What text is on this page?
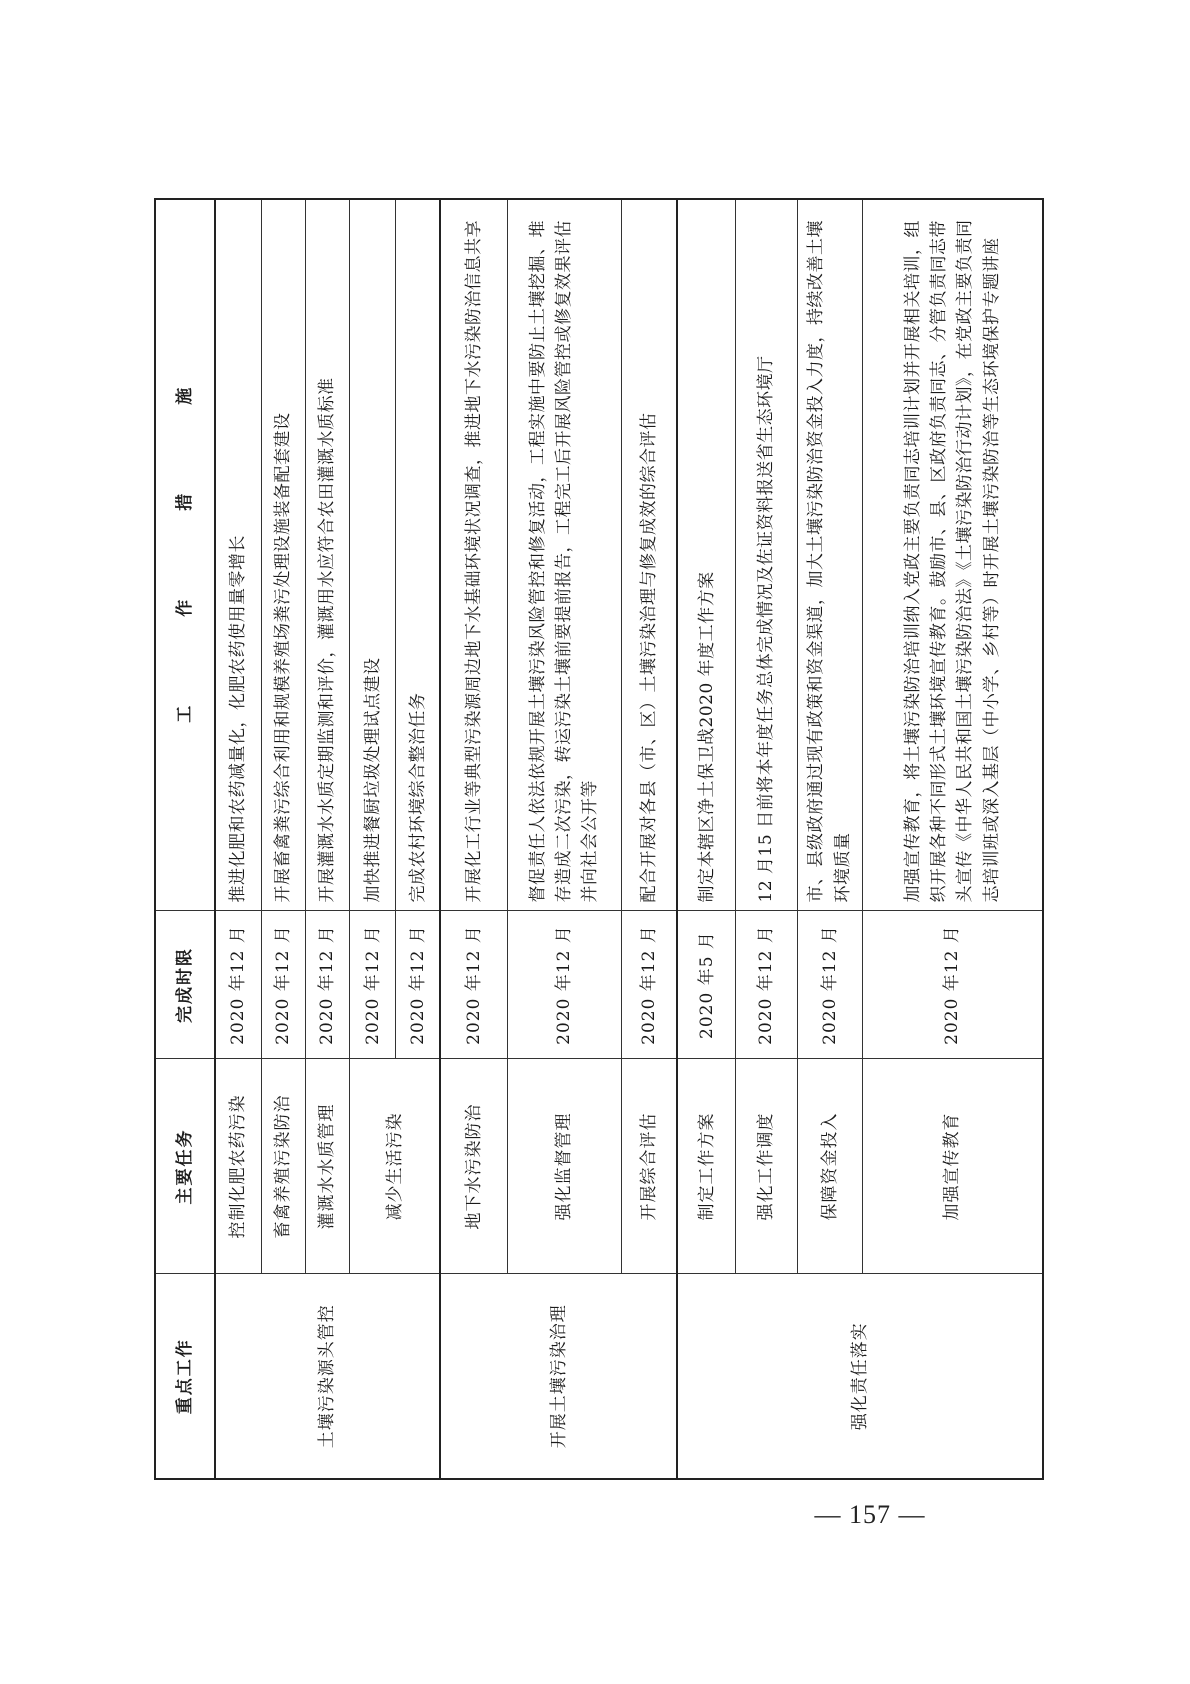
重点工作	主要任务	完成时限	工　作　措　施
土壤污染源头管控	控制化肥农药污染	2020 年12 月	推进化肥和农药减量化，化肥农药使用量零增长
	畜禽养殖污染防治	2020 年12 月	开展畜禽粪污综合利用和规模养殖场粪污处理设施装备配套建设
	灌溉水水质管理	2020 年12 月	开展灌溉水水质定期监测和评价，灌溉用水应符合农田灌溉水质标准
	减少生活污染	2020 年12 月	加快推进餐厨垃圾处理试点建设
		2020 年12 月	完成农村环境综合整治任务
开展土壤污染治理	地下水污染防治	2020 年12 月	开展化工行业等典型污染源周边地下水基础环境状况调查，推进地下水污染防治信息共享
	强化监督管理	2020 年12 月	督促责任人依法依规开展土壤污染风险管控和修复活动，工程实施中要防止土壤挖掘、堆存造成二次污染，转运污染土壤前要提前报告，工程完工后开展风险管控或修复效果评估并向社会公开等
	开展综合评估	2020 年12 月	配合开展对各县（市、区）土壤污染治理与修复成效的综合评估
强化责任落实	制定工作方案	2020 年5 月	制定本辖区净土保卫战2020 年度工作方案
	强化工作调度	2020 年12 月	12 月15 日前将本年度任务总体完成情况及佐证资料报送省生态环境厅
	保障资金投入	2020 年12 月	市、县级政府通过现有政策和资金渠道，加大土壤污染防治资金投入力度，持续改善土壤环境质量
	加强宣传教育	2020 年12 月	加强宣传教育，将土壤污染防治培训纳入党政主要负责同志培训计划并开展相关培训，组织开展各种不同形式土壤环境宣传教育。鼓励市、县、区政府负责同志、分管负责同志带头宣传《中华人民共和国土壤污染防治法》《土壤污染防治行动计划》，在党政主要负责同志培训班或深入基层（中小学、乡村等）时开展土壤污染防治等生态环境保护专题讲座
— 157 —
